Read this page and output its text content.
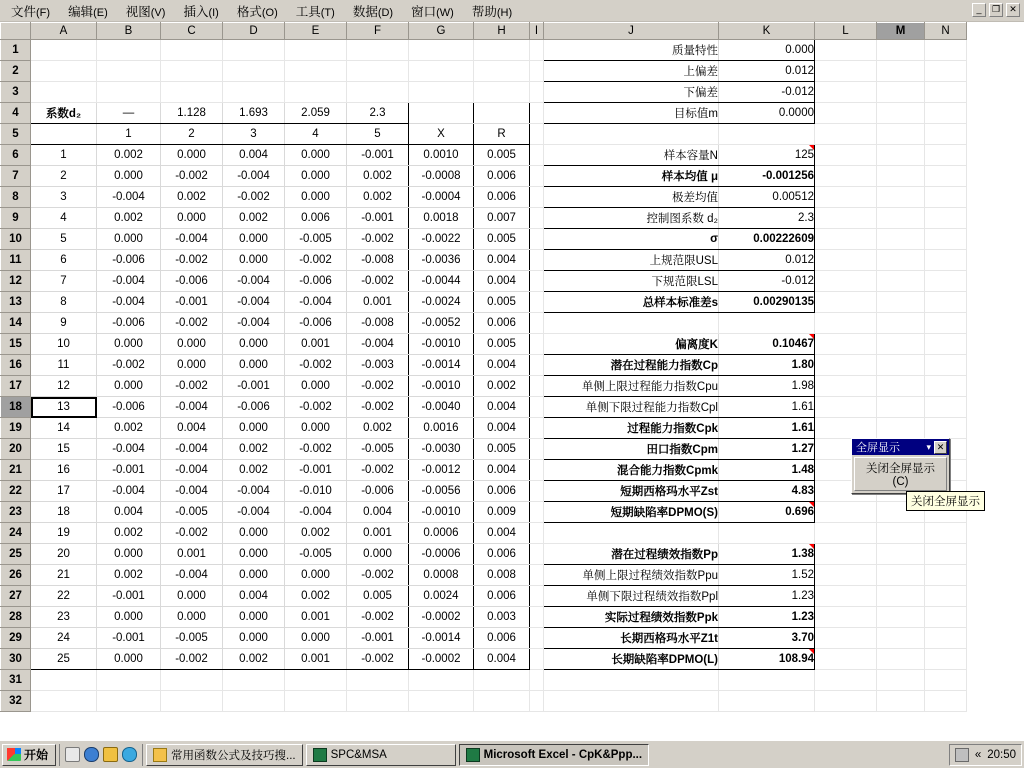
文件(F)	编辑(E)	视图(V)	插入(I)	格式(O)	工具(T)	数据(D)	窗口(W)	帮助(H)	_	❐	✕
	A	B	C	D	E	F	G	H	I	J	K	L	M	N
1										质量特性	0.000			
2										上偏差	0.012			
3										下偏差	-0.012			
4	系数d₂	—	1.128	1.693	2.059	2.3				目标值m	0.0000			
5		1	2	3	4	5	X	R						
6	1	0.002	0.000	0.004	0.000	-0.001	0.0010	0.005		样本容量N	125			
7	2	0.000	-0.002	-0.004	0.000	0.002	-0.0008	0.006		样本均值 μ	-0.001256			
8	3	-0.004	0.002	-0.002	0.000	0.002	-0.0004	0.006		极差均值	0.00512			
9	4	0.002	0.000	0.002	0.006	-0.001	0.0018	0.007		控制图系数 d₂	2.3			
10	5	0.000	-0.004	0.000	-0.005	-0.002	-0.0022	0.005		σ	0.00222609			
11	6	-0.006	-0.002	0.000	-0.002	-0.008	-0.0036	0.004		上规范限USL	0.012			
12	7	-0.004	-0.006	-0.004	-0.006	-0.002	-0.0044	0.004		下规范限LSL	-0.012			
13	8	-0.004	-0.001	-0.004	-0.004	0.001	-0.0024	0.005		总样本标准差s	0.00290135			
14	9	-0.006	-0.002	-0.004	-0.006	-0.008	-0.0052	0.006						
15	10	0.000	0.000	0.000	0.001	-0.004	-0.0010	0.005		偏离度K	0.10467			
16	11	-0.002	0.000	0.000	-0.002	-0.003	-0.0014	0.004		潜在过程能力指数Cp	1.80			
17	12	0.000	-0.002	-0.001	0.000	-0.002	-0.0010	0.002		单侧上限过程能力指数Cpu	1.98			
18	13	-0.006	-0.004	-0.006	-0.002	-0.002	-0.0040	0.004		单侧下限过程能力指数Cpl	1.61			
19	14	0.002	0.004	0.000	0.000	0.002	0.0016	0.004		过程能力指数Cpk	1.61			
20	15	-0.004	-0.004	0.002	-0.002	-0.005	-0.0030	0.005		田口指数Cpm	1.27			
21	16	-0.001	-0.004	0.002	-0.001	-0.002	-0.0012	0.004		混合能力指数Cpmk	1.48			
22	17	-0.004	-0.004	-0.004	-0.010	-0.006	-0.0056	0.006		短期西格玛水平Zst	4.83			
23	18	0.004	-0.005	-0.004	-0.004	0.004	-0.0010	0.009		短期缺陷率DPMO(S)	0.696			
24	19	0.002	-0.002	0.000	0.002	0.001	0.0006	0.004						
25	20	0.000	0.001	0.000	-0.005	0.000	-0.0006	0.006		潜在过程绩效指数Pp	1.38			
26	21	0.002	-0.004	0.000	0.000	-0.002	0.0008	0.008		单侧上限过程绩效指数Ppu	1.52			
27	22	-0.001	0.000	0.004	0.002	0.005	0.0024	0.006		单侧下限过程绩效指数Ppl	1.23			
28	23	0.000	0.000	0.000	0.001	-0.002	-0.0002	0.003		实际过程绩效指数Ppk	1.23			
29	24	-0.001	-0.005	0.000	0.000	-0.001	-0.0014	0.006		长期西格玛水平Z1t	3.70			
30	25	0.000	-0.002	0.002	0.001	-0.002	-0.0002	0.004		长期缺陷率DPMO(L)	108.94			
31														
32														
全屏显示	▾ ✕
关闭全屏显示 (C)
关闭全屏显示
开始	常用函数公式及技巧搜...	SPC&MSA	Microsoft Excel - CpK&Ppp...	« 20:50
